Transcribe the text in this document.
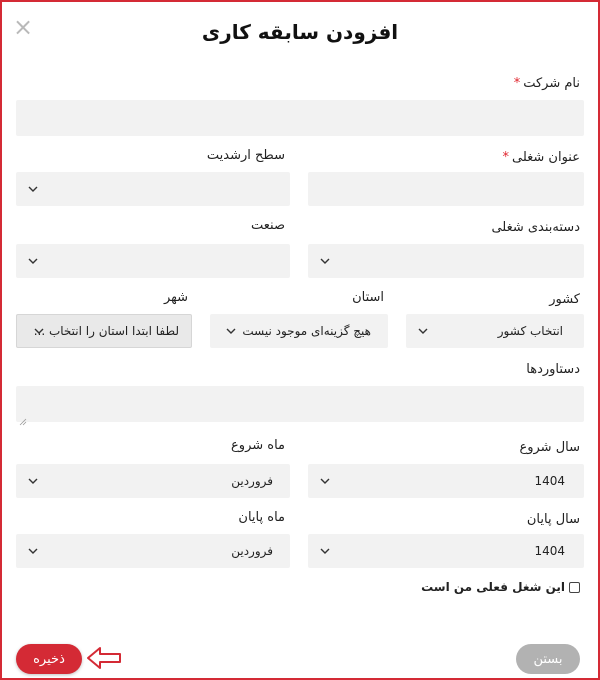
×	افزودن سابقه کاری
نام شرکت*
عنوان شغلی*
سطح ارشدیت
دسته‌بندی شغلی
صنعت
کشور
استان
شهر
انتخاب کشور
هیچ گزینه‌ای موجود نیست
لطفا ابتدا استان را انتخاب ...
دستاوردها
سال شروع
ماه شروع
1404
فروردین
سال پایان
ماه پایان
1404
فروردین
این شغل فعلی من است
ذخیره	بستن
